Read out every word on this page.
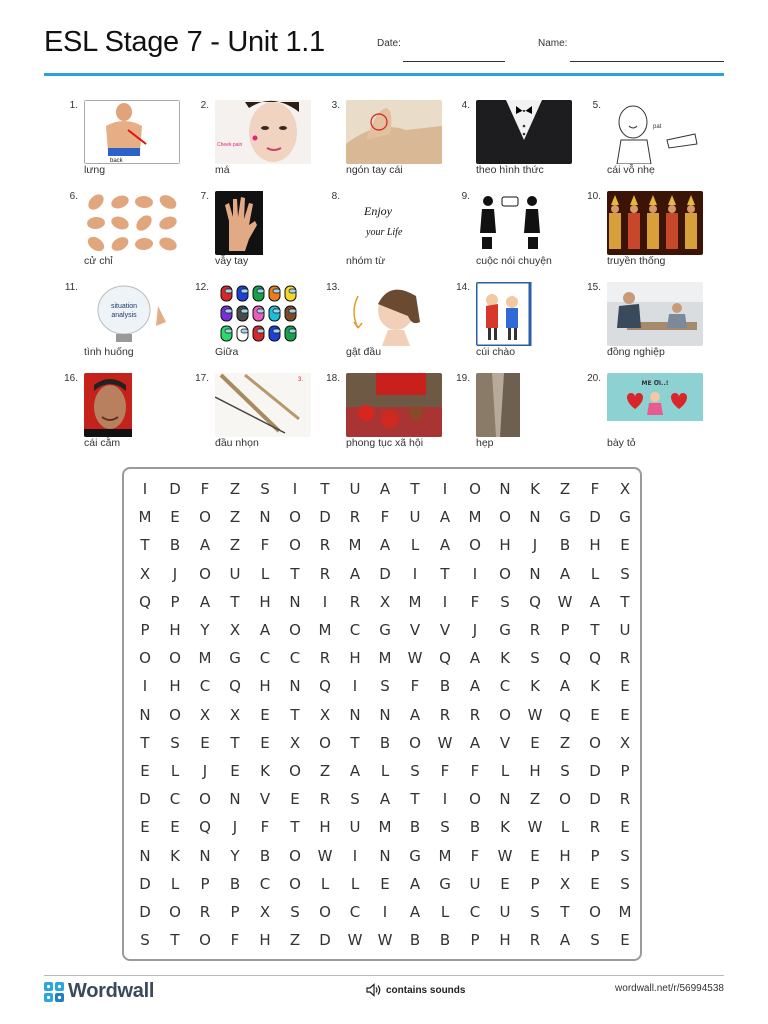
ESL Stage 7 - Unit 1.1	Date:	Name:
1.
back
lưng
2.
Cheek pain
má
3.
ngón tay cái
4.
theo hình thức
5.
pat
cái vỗ nhẹ
6.
cử chỉ
7.
vẫy tay
8.
Enjoy
your Life
nhóm từ
9.
cuộc nói chuyện
10.
truyền thống
11.
situation
analysis
tình huống
12.
Giữa
13.
gật đầu
14.
cúi chào
15.
đồng nghiệp
16.
cái cằm
17.	3.
đầu nhọn
18.
phong tục xã hội
19.
hẹp
20.	ME ƠI..!
bày tỏ
I	D	F	Z	S	I	T	U	A	T	I	O	N	K	Z	F	X
M	E	O	Z	N	O	D	R	F	U	A	M	O	N	G	D	G
T	B	A	Z	F	O	R	M	A	L	A	O	H	J	B	H	E
X	J	O	U	L	T	R	A	D	I	T	I	O	N	A	L	S
Q	P	A	T	H	N	I	R	X	M	I	F	S	Q	W	A	T
P	H	Y	X	A	O	M	C	G	V	V	J	G	R	P	T	U
O	O	M	G	C	C	R	H	M	W	Q	A	K	S	Q	Q	R
I	H	C	Q	H	N	Q	I	S	F	B	A	C	K	A	K	E
N	O	X	X	E	T	X	N	N	A	R	R	O	W	Q	E	E
T	S	E	T	E	X	O	T	B	O	W	A	V	E	Z	O	X
E	L	J	E	K	O	Z	A	L	S	F	F	L	H	S	D	P
D	C	O	N	V	E	R	S	A	T	I	O	N	Z	O	D	R
E	E	Q	J	F	T	H	U	M	B	S	B	K	W	L	R	E
N	K	N	Y	B	O	W	I	N	G	M	F	W	E	H	P	S
D	L	P	B	C	O	L	L	E	A	G	U	E	P	X	E	S
D	O	R	P	X	S	O	C	I	A	L	C	U	S	T	O	M
S	T	O	F	H	Z	D	W	W	B	B	P	H	R	A	S	E
Wordwall	contains sounds	wordwall.net/r/56994538
